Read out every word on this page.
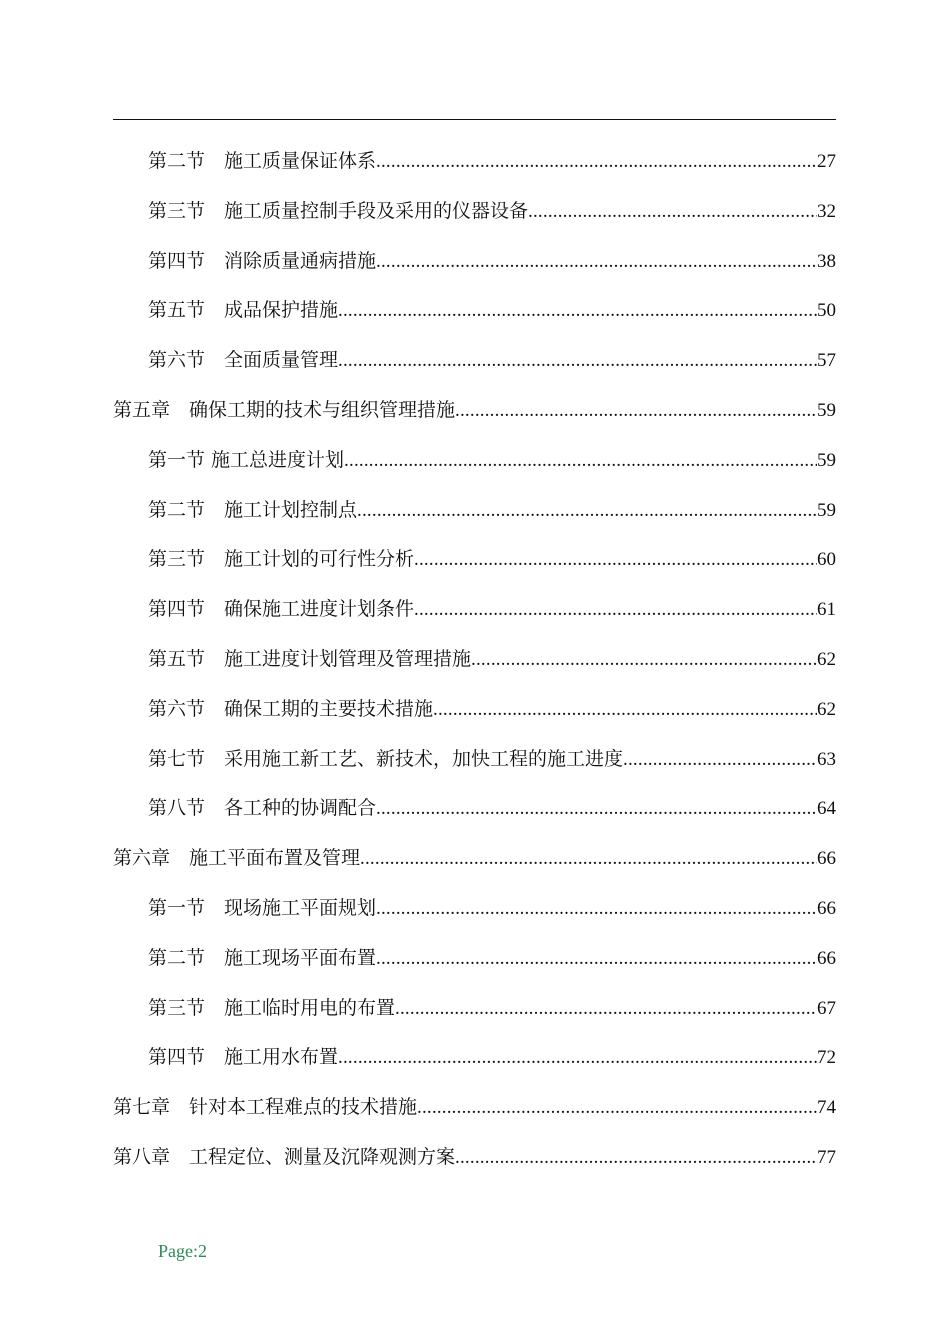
第二节　施工质量保证体系 .....	27
第三节　施工质量控制手段及采用的仪器设备 .....	32
第四节　消除质量通病措施 .....	38
第五节　成品保护措施 .....	50
第六节　全面质量管理 .....	57
第五章　确保工期的技术与组织管理措施 .....	59
第一节 施工总进度计划 .....	59
第二节　施工计划控制点 .....	59
第三节　施工计划的可行性分析 .....	60
第四节　确保施工进度计划条件 .....	61
第五节　施工进度计划管理及管理措施 .....	62
第六节　确保工期的主要技术措施 .....	62
第七节　采用施工新工艺、新技术，加快工程的施工进度 .....	63
第八节　各工种的协调配合 .....	64
第六章　施工平面布置及管理 .....	66
第一节　现场施工平面规划 .....	66
第二节　施工现场平面布置 .....	66
第三节　施工临时用电的布置 .....	67
第四节　施工用水布置 .....	72
第七章　针对本工程难点的技术措施 .....	74
第八章　工程定位、测量及沉降观测方案 .....	77
Page:2
